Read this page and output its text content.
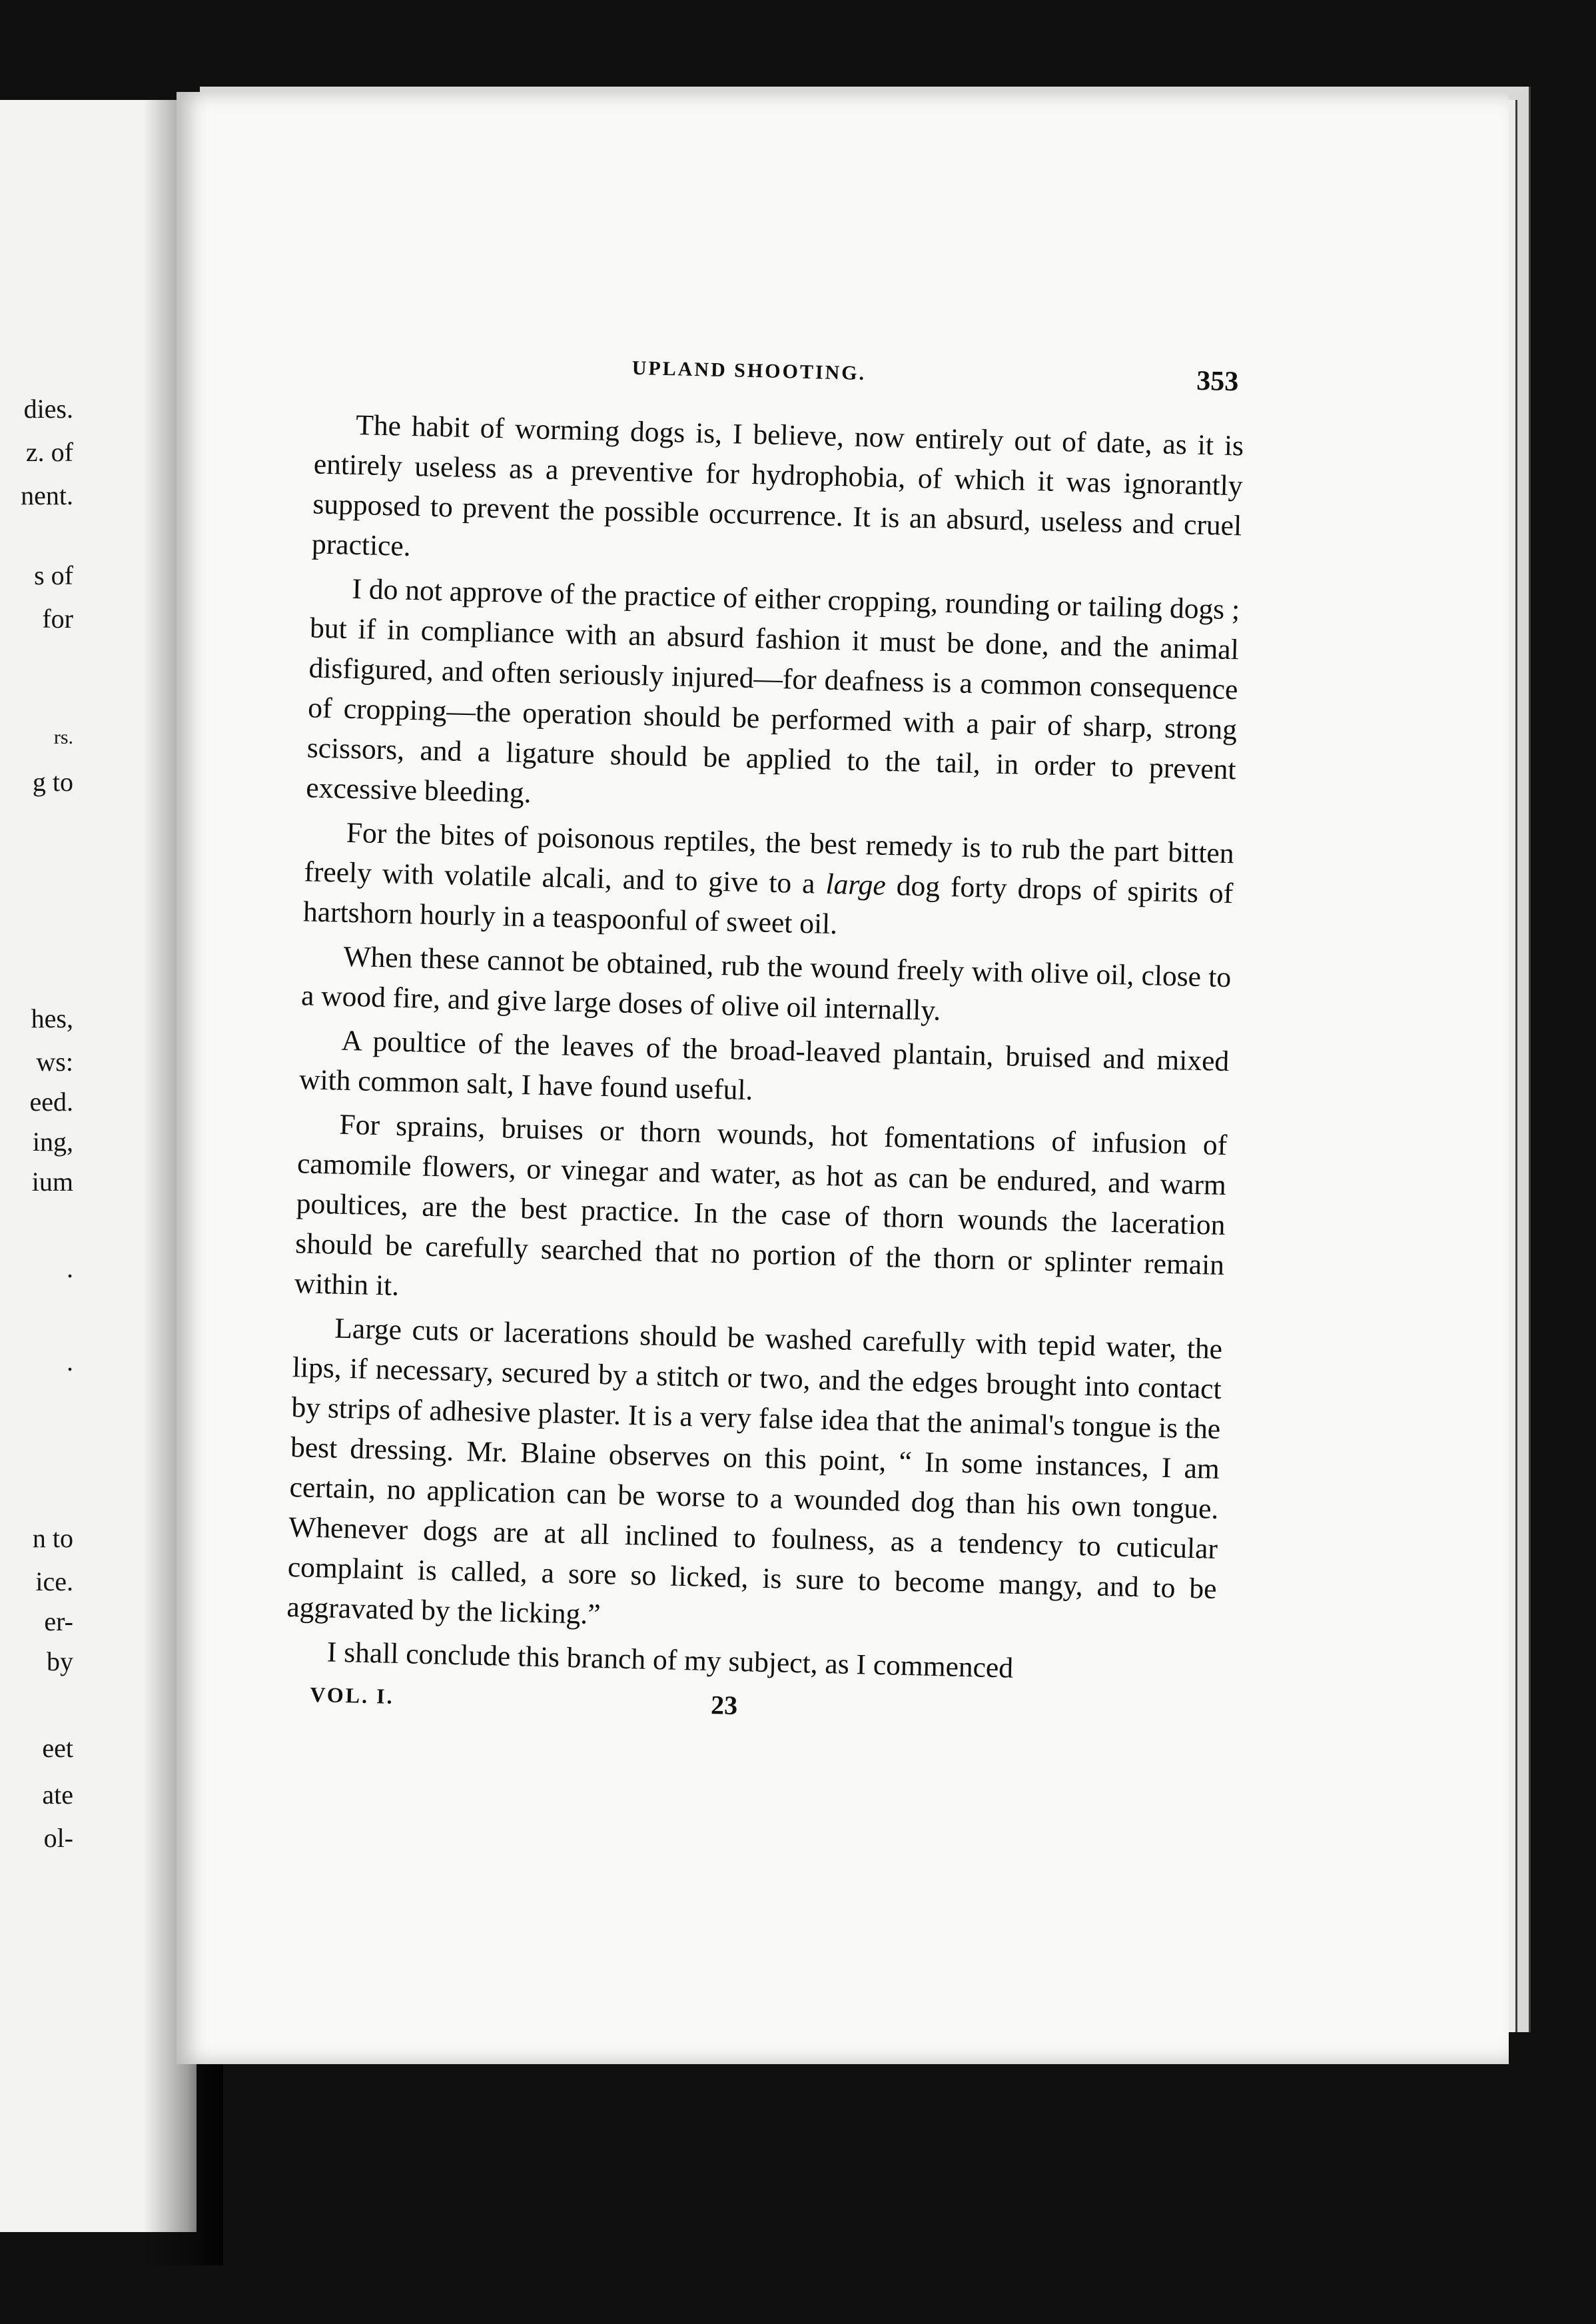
dies.
z. of
nent.
s of
for
rs.
g to
hes,
ws:
eed.
ing,
ium
.
.
n to
ice.
er-
by
eet
ate
ol-
UPLAND SHOOTING.	353

The habit of worming dogs is, I believe, now entirely out of date, as it is entirely useless as a preventive for hydrophobia, of which it was ignorantly supposed to prevent the possible occurrence. It is an absurd, useless and cruel practice.

I do not approve of the practice of either cropping, rounding or tailing dogs ; but if in compliance with an absurd fashion it must be done, and the animal disfigured, and often seriously injured—for deafness is a common consequence of cropping—the operation should be performed with a pair of sharp, strong scissors, and a ligature should be applied to the tail, in order to prevent excessive bleeding.

For the bites of poisonous reptiles, the best remedy is to rub the part bitten freely with volatile alcali, and to give to a large dog forty drops of spirits of hartshorn hourly in a teaspoonful of sweet oil.

When these cannot be obtained, rub the wound freely with olive oil, close to a wood fire, and give large doses of olive oil internally.

A poultice of the leaves of the broad-leaved plantain, bruised and mixed with common salt, I have found useful.

For sprains, bruises or thorn wounds, hot fomentations of infusion of camomile flowers, or vinegar and water, as hot as can be endured, and warm poultices, are the best practice. In the case of thorn wounds the laceration should be carefully searched that no portion of the thorn or splinter remain within it.

Large cuts or lacerations should be washed carefully with tepid water, the lips, if necessary, secured by a stitch or two, and the edges brought into contact by strips of adhesive plaster. It is a very false idea that the animal's tongue is the best dressing. Mr. Blaine observes on this point, “ In some instances, I am certain, no application can be worse to a wounded dog than his own tongue. Whenever dogs are at all inclined to foulness, as a tendency to cuticular complaint is called, a sore so licked, is sure to become mangy, and to be aggravated by the licking.”

I shall conclude this branch of my subject, as I commenced

VOL. I.	23
